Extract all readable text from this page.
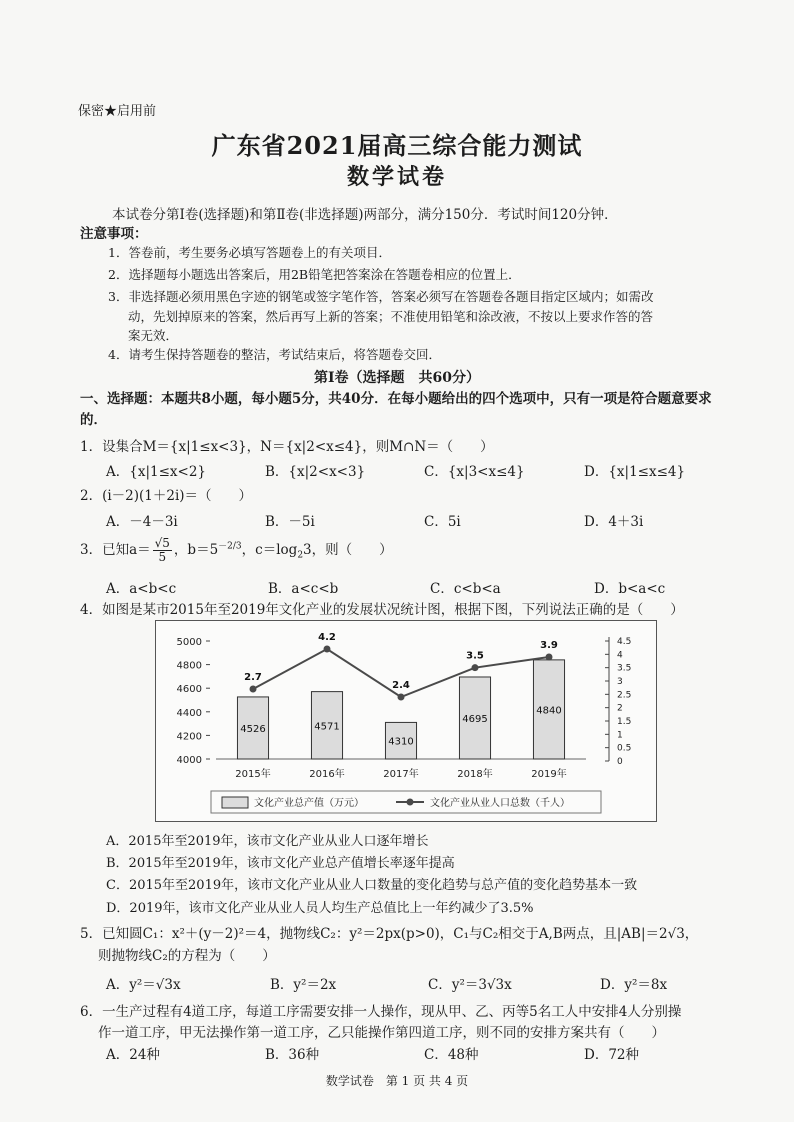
保密★启用前
广东省2021届高三综合能力测试
数学试卷
本试卷分第Ⅰ卷(选择题)和第Ⅱ卷(非选择题)两部分，满分150分．考试时间120分钟．
注意事项：
1．答卷前，考生要务必填写答题卷上的有关项目．
2．选择题每小题选出答案后，用2B铅笔把答案涂在答题卷相应的位置上．
3．非选择题必须用黑色字迹的钢笔或签字笔作答，答案必须写在答题卷各题目指定区域内；如需改
动，先划掉原来的答案，然后再写上新的答案；不准使用铅笔和涂改液，不按以上要求作答的答
案无效．
4．请考生保持答题卷的整洁，考试结束后，将答题卷交回．
第Ⅰ卷（选择题　共60分）
一、选择题：本题共8小题，每小题5分，共40分．在每小题给出的四个选项中，只有一项是符合题意要求的．
1．设集合M＝{x|1≤x<3}，N＝{x|2<x≤4}，则M∩N＝（　　）
A．{x|1≤x<2}	B．{x|2<x<3}	C．{x|3<x≤4}	D．{x|1≤x≤4}
2．(i－2)(1＋2i)＝（　　）
A．－4－3i	B．－5i	C．5i	D．4＋3i
3．已知$a= \frac{√5}{5}$ ，$b=5^{-2/3}$，$c=\log_23$，则（　　）
A．a<b<c	B．a<c<b	C．c<b<a	D．b<a<c
4．如图是某市2015年至2019年文化产业的发展状况统计图，根据下图，下列说法正确的是（　　）
4000
4200
4400
4600
4800
5000
0
0.5
1
1.5
2
2.5
3
3.5
4
4.5
4526	4571
4310
4695
4840
2015年	2016年	2017年	2018年	2019年
2.7
4.2
2.4
3.5
3.9
文化产业总产值（万元）	文化产业从业人口总数（千人）
A．2015年至2019年，该市文化产业从业人口逐年增长
B．2015年至2019年，该市文化产业总产值增长率逐年提高
C．2015年至2019年，该市文化产业从业人口数量的变化趋势与总产值的变化趋势基本一致
D．2019年，该市文化产业从业人员人均生产总值比上一年约减少了3.5%
5．已知圆C₁：x²＋(y－2)²＝4，抛物线C₂：y²＝2px(p>0)，C₁与C₂相交于A,B两点，且|AB|＝2√3，
则抛物线C₂的方程为（　　）
A．y²＝√3x	B．y²＝2x	C．y²＝3√3x	D．y²＝8x
6．一生产过程有4道工序，每道工序需要安排一人操作，现从甲、乙、丙等5名工人中安排4人分别操
作一道工序，甲无法操作第一道工序，乙只能操作第四道工序，则不同的安排方案共有（　　）
A．24种	B．36种	C．48种	D．72种
数学试卷　第 1 页 共 4 页
